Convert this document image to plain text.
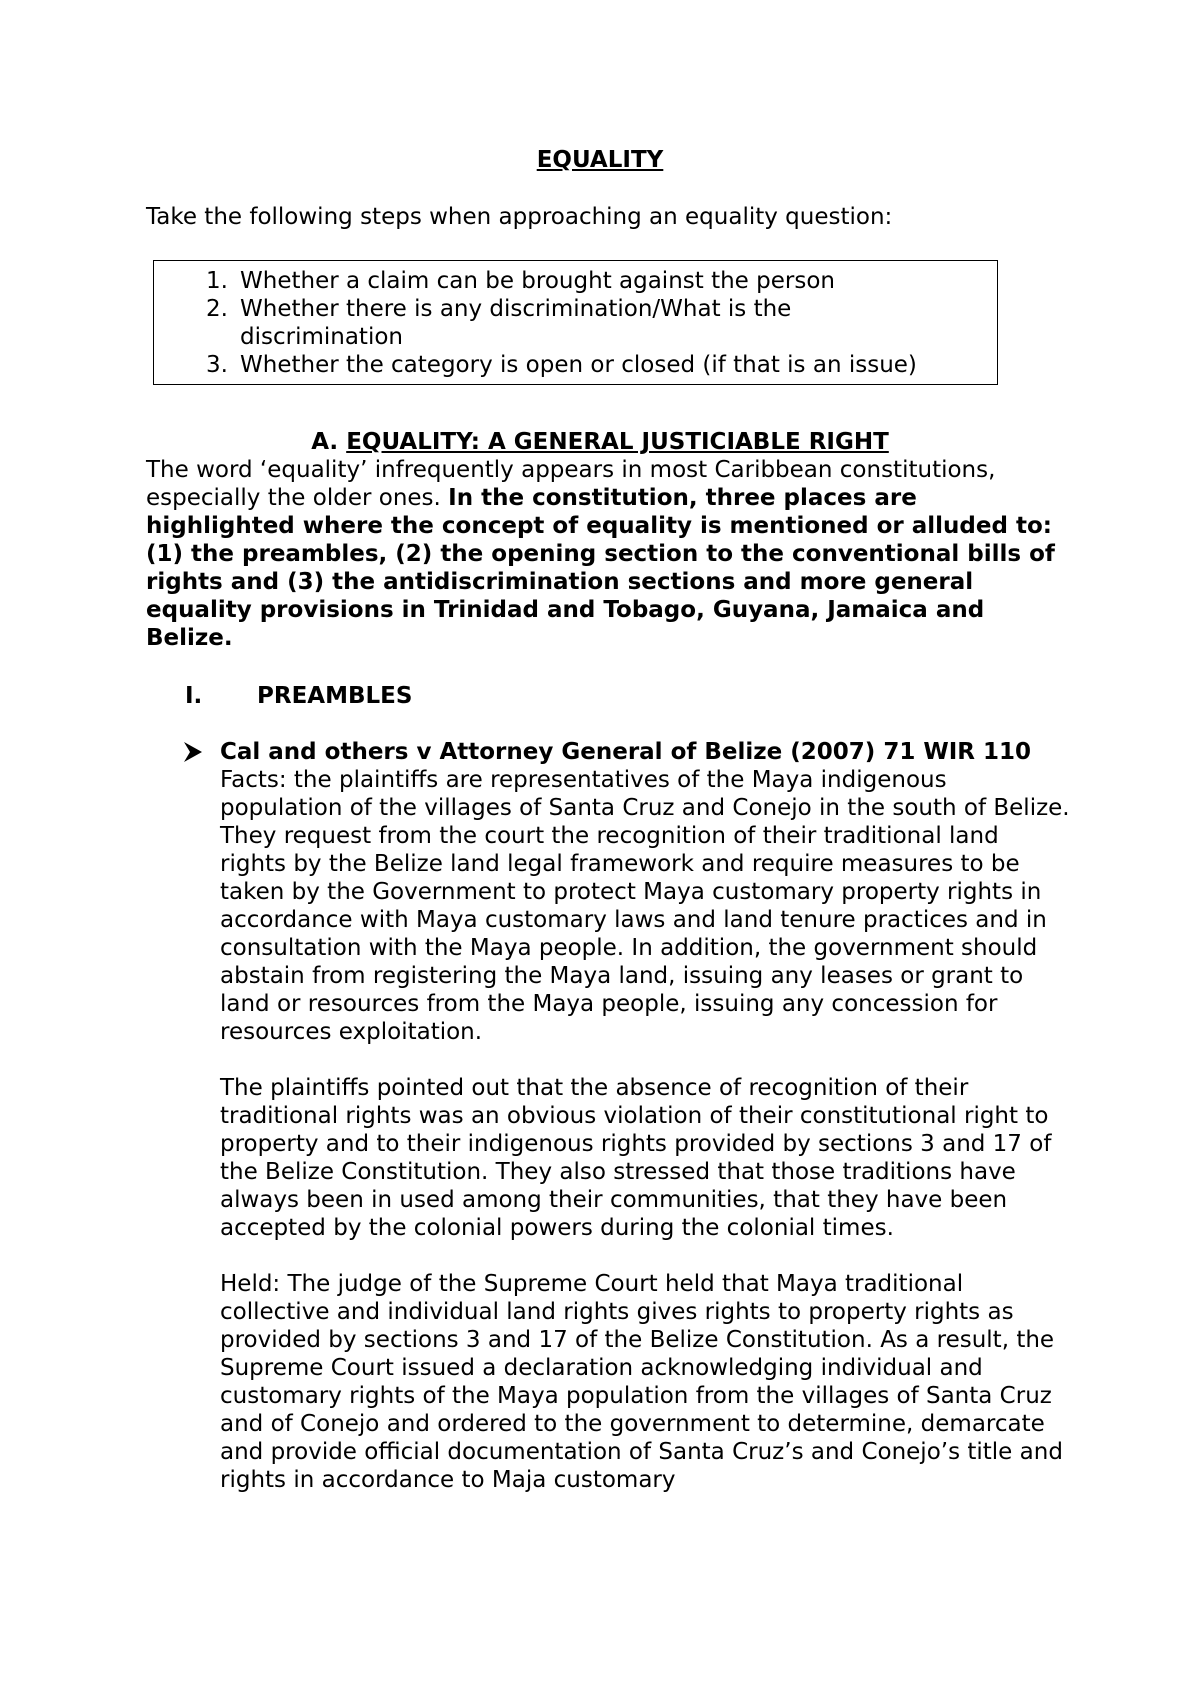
EQUALITY
Take the following steps when approaching an equality question:
1. Whether a claim can be brought against the person
2. Whether there is any discrimination/What is the discrimination
3. Whether the category is open or closed (if that is an issue)
A. EQUALITY: A GENERAL JUSTICIABLE RIGHT
The word ‘equality’ infrequently appears in most Caribbean constitutions, especially the older ones. In the constitution, three places are highlighted where the concept of equality is mentioned or alluded to: (1) the preambles, (2) the opening section to the conventional bills of rights and (3) the antidiscrimination sections and more general equality provisions in Trinidad and Tobago, Guyana, Jamaica and Belize.
I. PREAMBLES

Cal and others v Attorney General of Belize (2007) 71 WIR 110

Facts: the plaintiffs are representatives of the Maya indigenous population of the villages of Santa Cruz and Conejo in the south of Belize. They request from the court the recognition of their traditional land rights by the Belize land legal framework and require measures to be taken by the Government to protect Maya customary property rights in accordance with Maya customary laws and land tenure practices and in consultation with the Maya people. In addition, the government should abstain from registering the Maya land, issuing any leases or grant to land or resources from the Maya people, issuing any concession for resources exploitation.

The plaintiffs pointed out that the absence of recognition of their traditional rights was an obvious violation of their constitutional right to property and to their indigenous rights provided by sections 3 and 17 of the Belize Constitution. They also stressed that those traditions have always been in used among their communities, that they have been accepted by the colonial powers during the colonial times.

Held: The judge of the Supreme Court held that Maya traditional collective and individual land rights gives rights to property rights as provided by sections 3 and 17 of the Belize Constitution. As a result, the Supreme Court issued a declaration acknowledging individual and customary rights of the Maya population from the villages of Santa Cruz and of Conejo and ordered to the government to determine, demarcate and provide official documentation of Santa Cruz’s and Conejo’s title and rights in accordance to Maja customary
